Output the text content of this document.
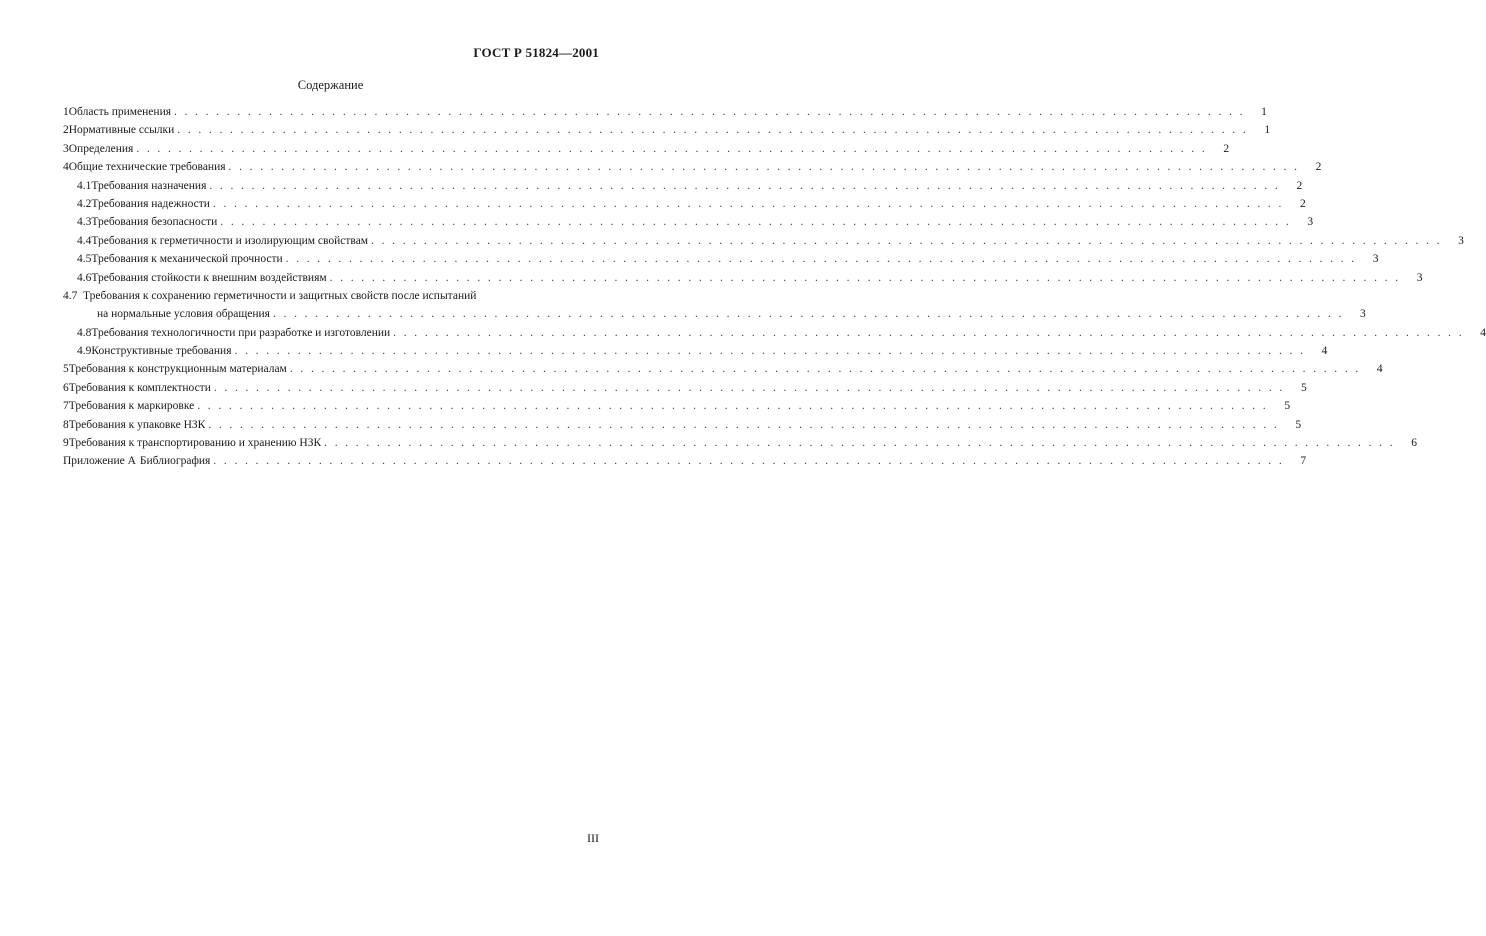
ГОСТ Р 51824—2001
Содержание
1 Область применения . . .	1
2 Нормативные ссылки . . .	1
3 Определения . . .	2
4 Общие технические требования . . .	2
4.1 Требования назначения . . .	2
4.2 Требования надежности . . .	2
4.3 Требования безопасности . . .	3
4.4 Требования к герметичности и изолирующим свойствам . . .	3
4.5 Требования к механической прочности . . .	3
4.6 Требования стойкости к внешним воздействиям . . .	3
4.7 Требования к сохранению герметичности и защитных свойств после испытаний
на нормальные условия обращения . . .	3
4.8 Требования технологичности при разработке и изготовлении . . .	4
4.9 Конструктивные требования . . .	4
5 Требования к конструкционным материалам . . .	4
6 Требования к комплектности . . .	5
7 Требования к маркировке . . .	5
8 Требования к упаковке НЗК . . .	5
9 Требования к транспортированию и хранению НЗК . . .	6
Приложение А Библиография . . .	7
III
